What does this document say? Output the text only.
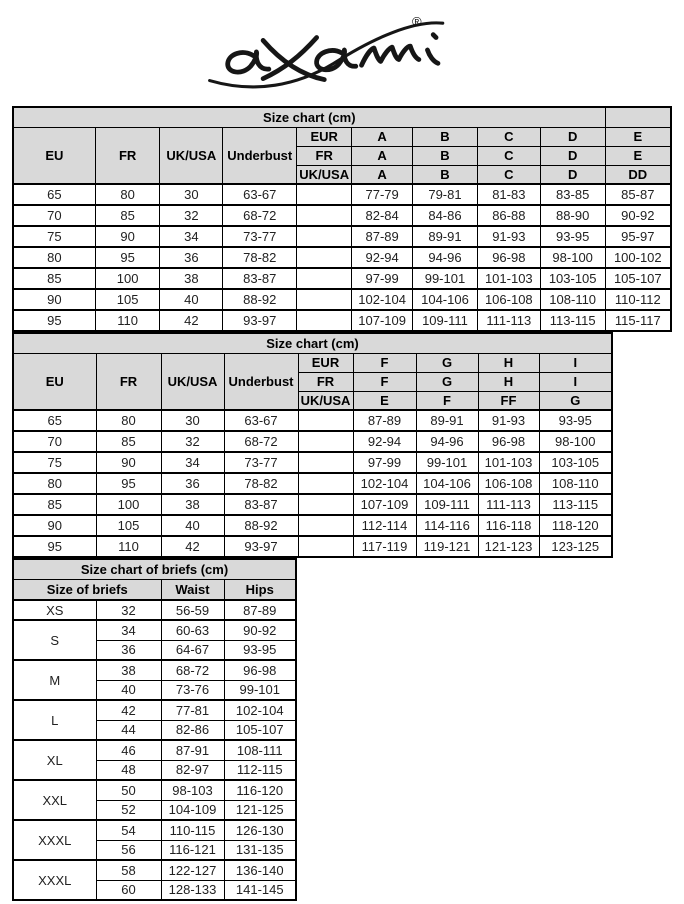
®
Size chart (cm)									
EU	FR	UK/USA	Underbust	EUR	A	B	C	D	E
				FR	A	B	C	D	E
				UK/USA	A	B	C	D	DD
65	80	30	63-67		77-79	79-81	81-83	83-85	85-87
70	85	32	68-72		82-84	84-86	86-88	88-90	90-92
75	90	34	73-77		87-89	89-91	91-93	93-95	95-97
80	95	36	78-82		92-94	94-96	96-98	98-100	100-102
85	100	38	83-87		97-99	99-101	101-103	103-105	105-107
90	105	40	88-92		102-104	104-106	106-108	108-110	110-112
95	110	42	93-97		107-109	109-111	111-113	113-115	115-117
Size chart (cm)								
EU	FR	UK/USA	Underbust	EUR	F	G	H	I
				FR	F	G	H	I
				UK/USA	E	F	FF	G
65	80	30	63-67		87-89	89-91	91-93	93-95
70	85	32	68-72		92-94	94-96	96-98	98-100
75	90	34	73-77		97-99	99-101	101-103	103-105
80	95	36	78-82		102-104	104-106	106-108	108-110
85	100	38	83-87		107-109	109-111	111-113	113-115
90	105	40	88-92		112-114	114-116	116-118	118-120
95	110	42	93-97		117-119	119-121	121-123	123-125
Size chart of briefs (cm)			
Size of briefs		Waist	Hips
XS	32	56-59	87-89
S	34	60-63	90-92
	36	64-67	93-95
M	38	68-72	96-98
	40	73-76	99-101
L	42	77-81	102-104
	44	82-86	105-107
XL	46	87-91	108-111
	48	82-97	112-115
XXL	50	98-103	116-120
	52	104-109	121-125
XXXL	54	110-115	126-130
	56	116-121	131-135
XXXL	58	122-127	136-140
	60	128-133	141-145
